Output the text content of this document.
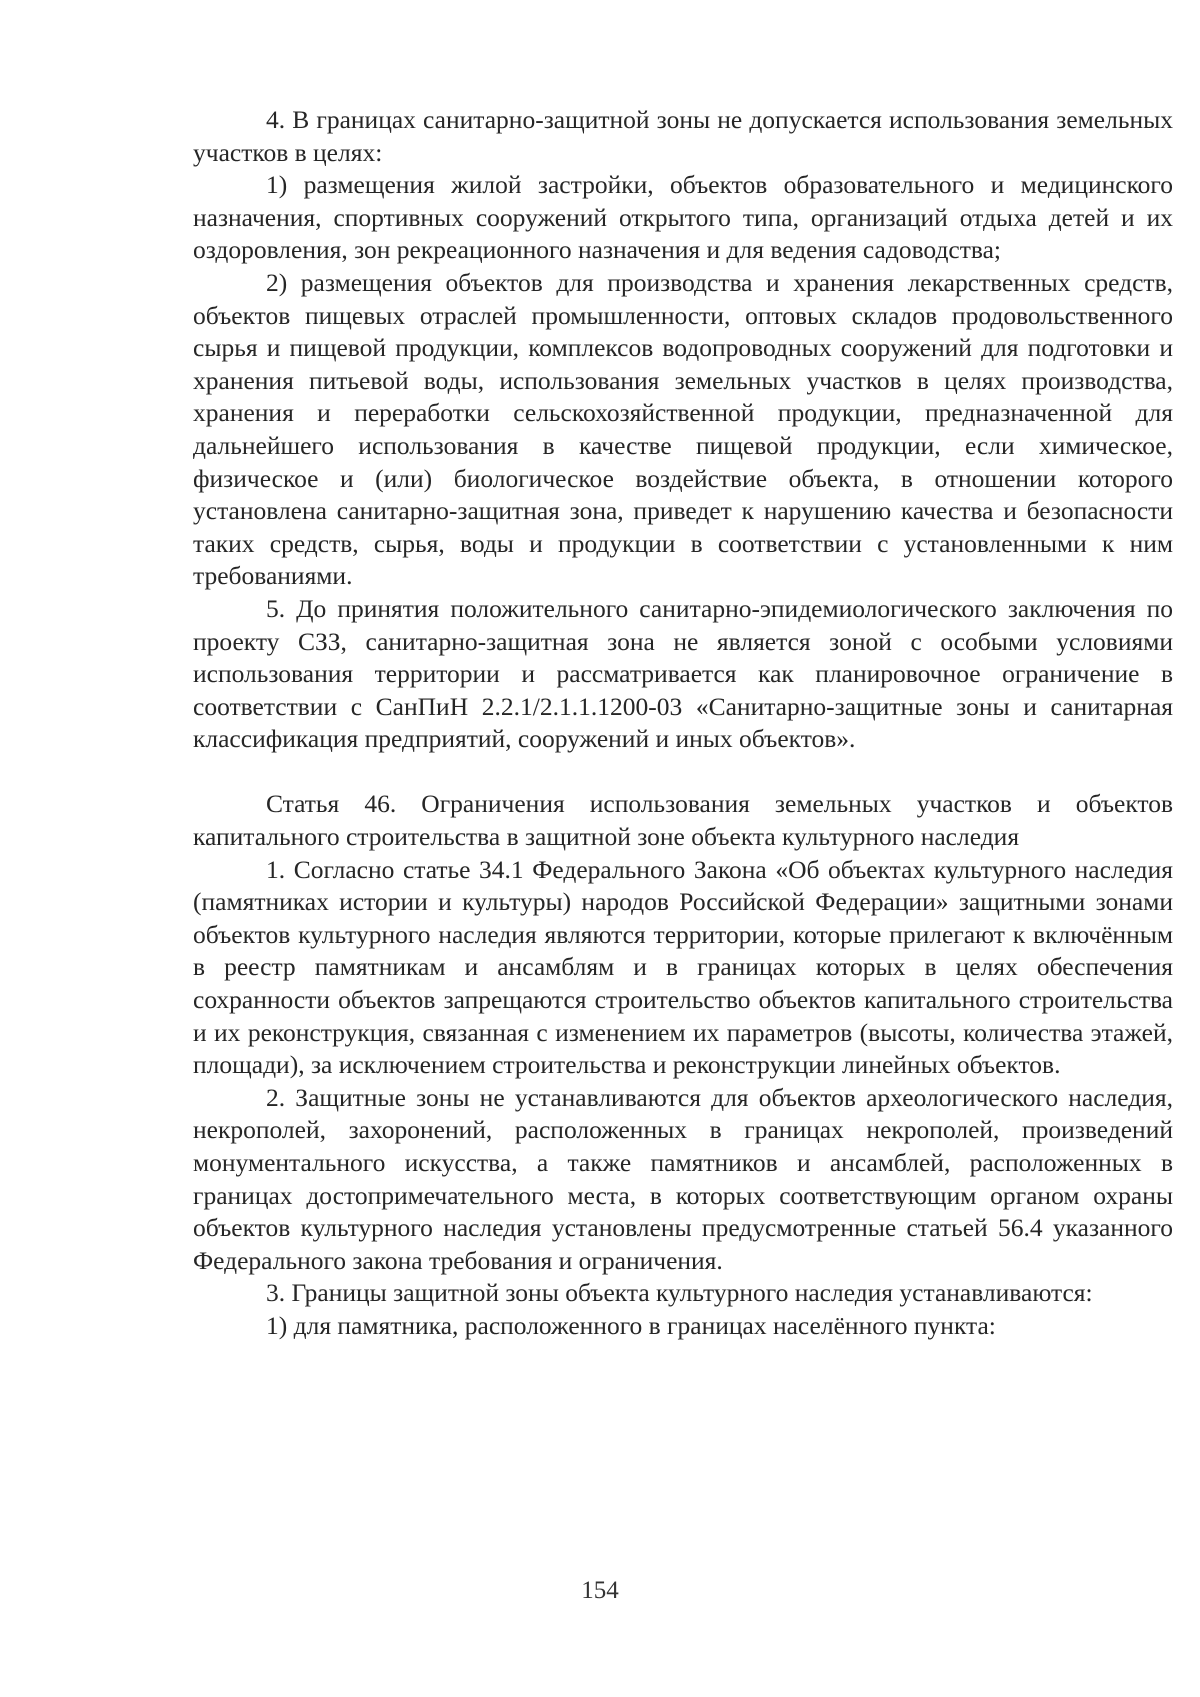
4. В границах санитарно-защитной зоны не допускается использования земельных участков в целях:

1) размещения жилой застройки, объектов образовательного и медицинского назначения, спортивных сооружений открытого типа, организаций отдыха детей и их оздоровления, зон рекреационного назначения и для ведения садоводства;

2) размещения объектов для производства и хранения лекарственных средств, объектов пищевых отраслей промышленности, оптовых складов продовольственного сырья и пищевой продукции, комплексов водопроводных сооружений для подготовки и хранения питьевой воды, использования земельных участков в целях производства, хранения и переработки сельскохозяйственной продукции, предназначенной для дальнейшего использования в качестве пищевой продукции, если химическое, физическое и (или) биологическое воздействие объекта, в отношении которого установлена санитарно-защитная зона, приведет к нарушению качества и безопасности таких средств, сырья, воды и продукции в соответствии с установленными к ним требованиями.

5. До принятия положительного санитарно-эпидемиологического заключения по проекту СЗЗ, санитарно-защитная зона не является зоной с особыми условиями использования территории и рассматривается как планировочное ограничение в соответствии с СанПиН 2.2.1/2.1.1.1200-03 «Санитарно-защитные зоны и санитарная классификация предприятий, сооружений и иных объектов».

Статья 46. Ограничения использования земельных участков и объектов капитального строительства в защитной зоне объекта культурного наследия

1. Согласно статье 34.1 Федерального Закона «Об объектах культурного наследия (памятниках истории и культуры) народов Российской Федерации» защитными зонами объектов культурного наследия являются территории, которые прилегают к включённым в реестр памятникам и ансамблям и в границах которых в целях обеспечения сохранности объектов запрещаются строительство объектов капитального строительства и их реконструкция, связанная с изменением их параметров (высоты, количества этажей, площади), за исключением строительства и реконструкции линейных объектов.

2. Защитные зоны не устанавливаются для объектов археологического наследия, некрополей, захоронений, расположенных в границах некрополей, произведений монументального искусства, а также памятников и ансамблей, расположенных в границах достопримечательного места, в которых соответствующим органом охраны объектов культурного наследия установлены предусмотренные статьей 56.4 указанного Федерального закона требования и ограничения.

3. Границы защитной зоны объекта культурного наследия устанавливаются:

1) для памятника, расположенного в границах населённого пункта:

154
